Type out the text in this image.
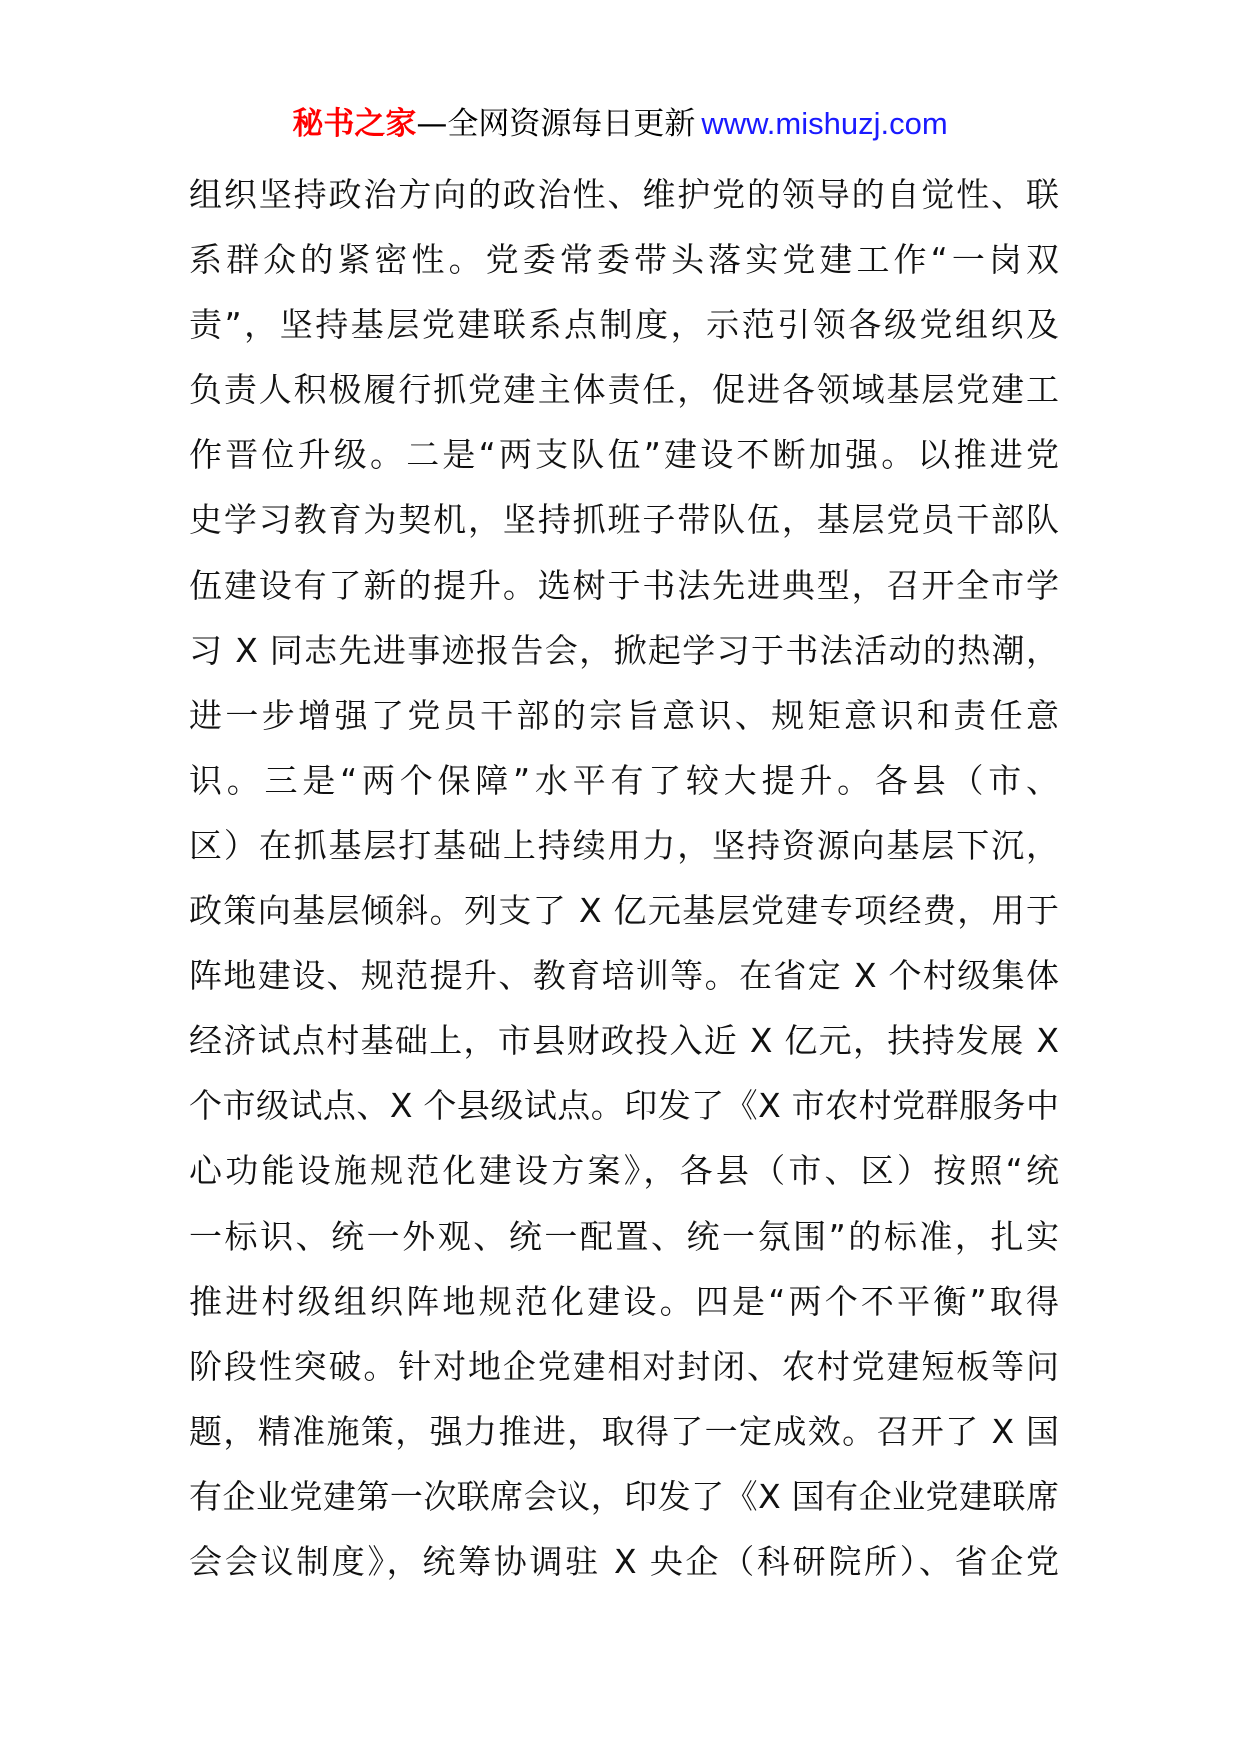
秘书之家—全网资源每日更新 www.mishuzj.com
组织坚持政治方向的政治性、维护党的领导的自觉性、联
系群众的紧密性。党委常委带头落实党建工作“一岗双
责”，坚持基层党建联系点制度，示范引领各级党组织及
负责人积极履行抓党建主体责任，促进各领域基层党建工
作晋位升级。二是“两支队伍”建设不断加强。以推进党
史学习教育为契机，坚持抓班子带队伍，基层党员干部队
伍建设有了新的提升。选树于书法先进典型，召开全市学
习 X 同志先进事迹报告会，掀起学习于书法活动的热潮，
进一步增强了党员干部的宗旨意识、规矩意识和责任意
识。三是“两个保障”水平有了较大提升。各县（市、
区）在抓基层打基础上持续用力，坚持资源向基层下沉，
政策向基层倾斜。列支了 X 亿元基层党建专项经费，用于
阵地建设、规范提升、教育培训等。在省定 X 个村级集体
经济试点村基础上，市县财政投入近 X 亿元，扶持发展 X
个市级试点、X 个县级试点。印发了《X 市农村党群服务中
心功能设施规范化建设方案》，各县（市、区）按照“统
一标识、统一外观、统一配置、统一氛围”的标准，扎实
推进村级组织阵地规范化建设。四是“两个不平衡”取得
阶段性突破。针对地企党建相对封闭、农村党建短板等问
题，精准施策，强力推进，取得了一定成效。召开了 X 国
有企业党建第一次联席会议，印发了《X 国有企业党建联席
会会议制度》，统筹协调驻 X 央企（科研院所）、省企党
